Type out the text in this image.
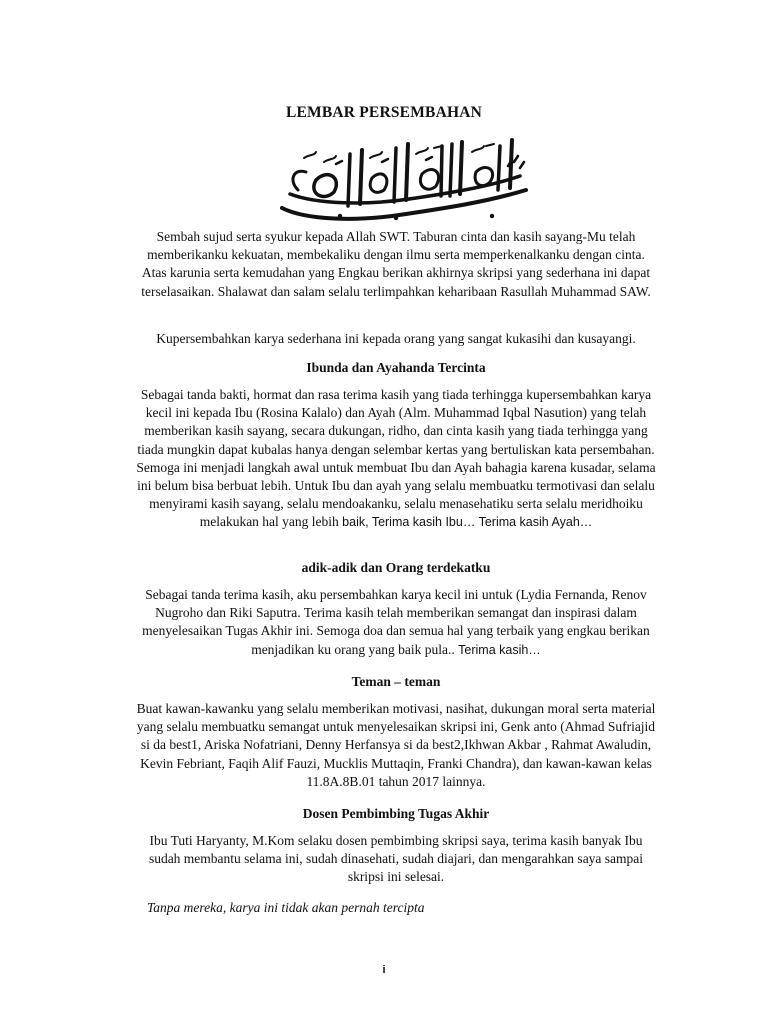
LEMBAR PERSEMBAHAN
Sembah sujud serta syukur kepada Allah SWT. Taburan cinta dan kasih sayang-Mu telah memberikanku kekuatan, membekaliku dengan ilmu serta memperkenalkanku dengan cinta. Atas karunia serta kemudahan yang Engkau berikan akhirnya skripsi yang sederhana ini dapat terselasaikan. Shalawat dan salam selalu terlimpahkan keharibaan Rasullah Muhammad SAW.
Kupersembahkan karya sederhana ini kepada orang yang sangat kukasihi dan kusayangi.
Ibunda dan Ayahanda Tercinta
Sebagai tanda bakti, hormat dan rasa terima kasih yang tiada terhingga kupersembahkan karya kecil ini kepada Ibu (Rosina Kalalo) dan Ayah (Alm. Muhammad Iqbal Nasution) yang telah memberikan kasih sayang, secara dukungan, ridho, dan cinta kasih yang tiada terhingga yang tiada mungkin dapat kubalas hanya dengan selembar kertas yang bertuliskan kata persembahan. Semoga ini menjadi langkah awal untuk membuat Ibu dan Ayah bahagia karena kusadar, selama ini belum bisa berbuat lebih. Untuk Ibu dan ayah yang selalu membuatku termotivasi dan selalu menyirami kasih sayang, selalu mendoakanku, selalu menasehatiku serta selalu meridhoiku melakukan hal yang lebih baik, Terima kasih Ibu… Terima kasih Ayah…
adik-adik dan Orang terdekatku
Sebagai tanda terima kasih, aku persembahkan karya kecil ini untuk (Lydia Fernanda, Renov Nugroho dan Riki Saputra. Terima kasih telah memberikan semangat dan inspirasi dalam menyelesaikan Tugas Akhir ini. Semoga doa dan semua hal yang terbaik yang engkau berikan menjadikan ku orang yang baik pula.. Terima kasih…
Teman – teman
Buat kawan-kawanku yang selalu memberikan motivasi, nasihat, dukungan moral serta material yang selalu membuatku semangat untuk menyelesaikan skripsi ini, Genk anto (Ahmad Sufriajid si da best1, Ariska Nofatriani, Denny Herfansya si da best2,Ikhwan Akbar , Rahmat Awaludin, Kevin Febriant, Faqih Alif Fauzi, Mucklis Muttaqin, Franki Chandra), dan kawan-kawan kelas 11.8A.8B.01 tahun 2017 lainnya.
Dosen Pembimbing Tugas Akhir
Ibu Tuti Haryanty, M.Kom selaku dosen pembimbing skripsi saya, terima kasih banyak Ibu sudah membantu selama ini, sudah dinasehati, sudah diajari, dan mengarahkan saya sampai skripsi ini selesai.
Tanpa mereka, karya ini tidak akan pernah tercipta
i
